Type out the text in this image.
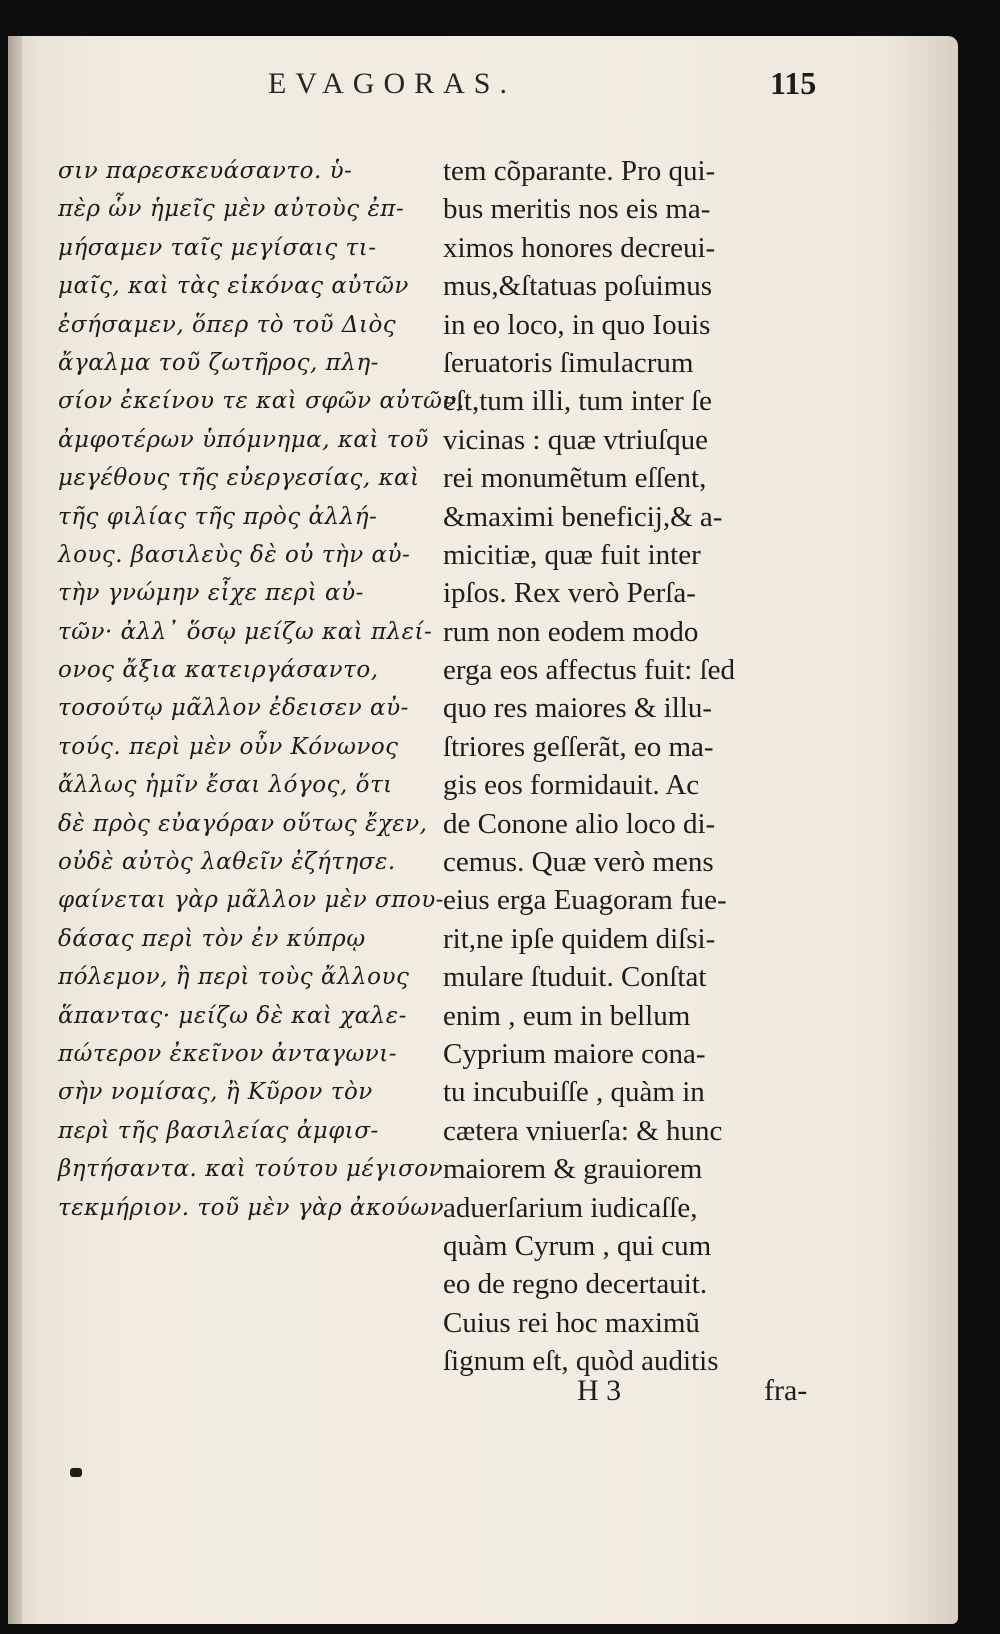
EVAGORAS.	115
σιν παρεσκευάσαντο. ὑ-
πὲρ ὧν ἡμεῖς μὲν αὐτοὺς ἐπ-
μήσαμεν ταῖς μεγίσαις τι-
μαῖς, καὶ τὰς εἰκόνας αὐτῶν
ἐσήσαμεν, ὅπερ τὸ τοῦ Διὸς
ἄγαλμα τοῦ ζωτῆρος, πλη-
σίον ἐκείνου τε καὶ σφῶν αὐτῶν,
ἀμφοτέρων ὑπόμνημα, καὶ τοῦ
μεγέθους τῆς εὐεργεσίας, καὶ
τῆς φιλίας τῆς πρὸς ἀλλή-
λους. βασιλεὺς δὲ οὐ τὴν αὐ-
τὴν γνώμην εἶχε περὶ αὐ-
τῶν· ἀλλ᾽ ὅσῳ μείζω καὶ πλεί-
ονος ἄξια κατειργάσαντο,
τοσούτῳ μᾶλλον ἐδεισεν αὐ-
τούς. περὶ μὲν οὖν Κόνωνος
ἄλλως ἡμῖν ἔσαι λόγος, ὅτι
δὲ πρὸς εὐαγόραν οὕτως ἔχεν,
οὐδὲ αὐτὸς λαθεῖν ἐζήτησε.
φαίνεται γὰρ μᾶλλον μὲν σπου-
δάσας περὶ τὸν ἐν κύπρῳ
πόλεμον, ἢ περὶ τοὺς ἄλλους
ἅπαντας· μείζω δὲ καὶ χαλε-
πώτερον ἐκεῖνον ἀνταγωνι-
σὴν νομίσας, ἢ Κῦρον τὸν
περὶ τῆς βασιλείας ἀμφισ-
βητήσαντα. καὶ τούτου μέγισον
τεκμήριον. τοῦ μὲν γὰρ ἀκούων
tem cõparante. Pro qui-
bus meritis nos eis ma-
ximos honores decreui-
mus,&ſtatuas poſuimus
in eo loco, in quo Iouis
ſeruatoris ſimulacrum
eſt,tum illi, tum inter ſe
vicinas : quæ vtriuſque
rei monumẽtum eſſent,
&maximi beneficij,& a-
micitiæ, quæ fuit inter
ipſos. Rex verò Perſa-
rum non eodem modo
erga eos affectus fuit: ſed
quo res maiores & illu-
ſtriores geſſerãt, eo ma-
gis eos formidauit. Ac
de Conone alio loco di-
cemus. Quæ verò mens
eius erga Euagoram fue-
rit,ne ipſe quidem diſsi-
mulare ſtuduit. Conſtat
enim , eum in bellum
Cyprium maiore cona-
tu incubuiſſe , quàm in
cætera vniuerſa: & hunc
maiorem & grauiorem
aduerſarium iudicaſſe,
quàm Cyrum , qui cum
eo de regno decertauit.
Cuius rei hoc maximũ
ſignum eſt, quòd auditis
H 3	fra-
